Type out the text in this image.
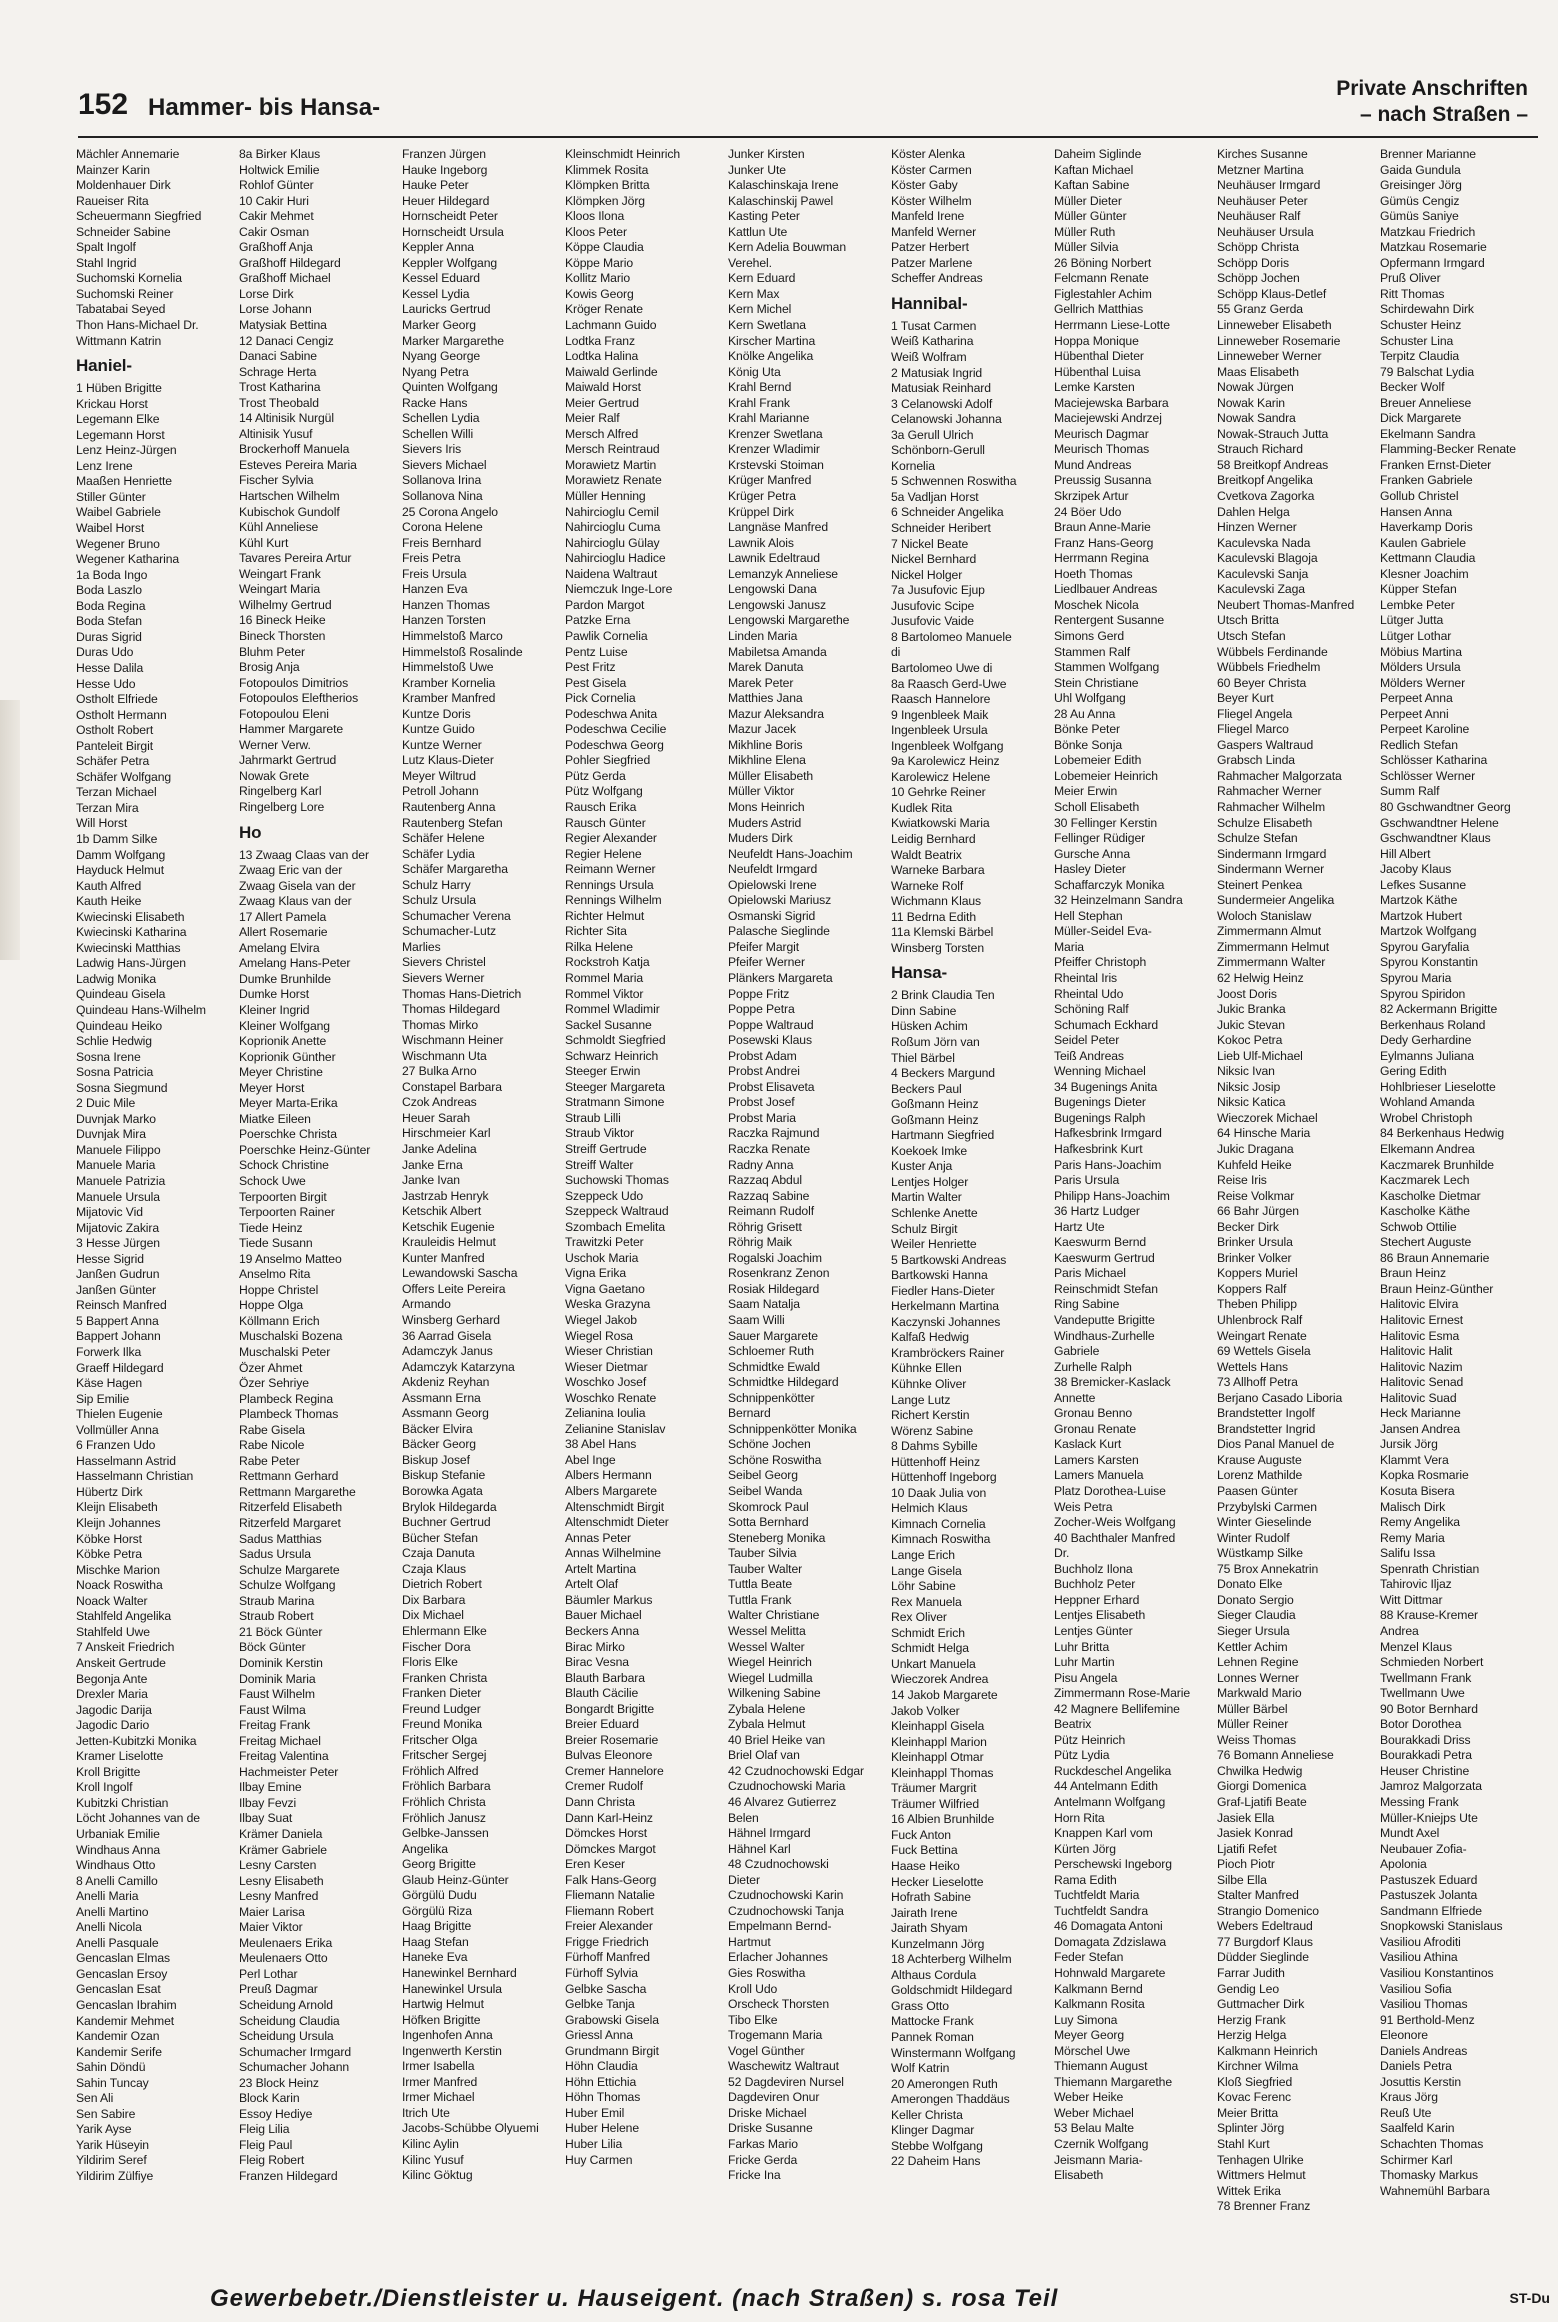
152 Hammer- bis Hansa-
Private Anschriften
– nach Straßen –
Mächler Annemarie
Mainzer Karin
Moldenhauer Dirk
Raueiser Rita
Scheuermann Siegfried
Schneider Sabine
Spalt Ingolf
Stahl Ingrid
Suchomski Kornelia
Suchomski Reiner
Tabatabai Seyed
Thon Hans-Michael Dr.
Wittmann Katrin
Haniel-
1 Hüben Brigitte
Krickau Horst
Legemann Elke
Legemann Horst
Lenz Heinz-Jürgen
Lenz Irene
Maaßen Henriette
Stiller Günter
Waibel Gabriele
Waibel Horst
Wegener Bruno
Wegener Katharina
1a Boda Ingo
Boda Laszlo
Boda Regina
Boda Stefan
Duras Sigrid
Duras Udo
Hesse Dalila
Hesse Udo
Ostholt Elfriede
Ostholt Hermann
Ostholt Robert
Panteleit Birgit
Schäfer Petra
Schäfer Wolfgang
Terzan Michael
Terzan Mira
Will Horst
1b Damm Silke
Damm Wolfgang
Hayduck Helmut
Kauth Alfred
Kauth Heike
Kwiecinski Elisabeth
Kwiecinski Katharina
Kwiecinski Matthias
Ladwig Hans-Jürgen
Ladwig Monika
Quindeau Gisela
Quindeau Hans-Wilhelm
Quindeau Heiko
Schlie Hedwig
Sosna Irene
Sosna Patricia
Sosna Siegmund
2 Duic Mile
Duvnjak Marko
Duvnjak Mira
Manuele Filippo
Manuele Maria
Manuele Patrizia
Manuele Ursula
Mijatovic Vid
Mijatovic Zakira
3 Hesse Jürgen
Hesse Sigrid
Janßen Gudrun
Janßen Günter
Reinsch Manfred
5 Bappert Anna
Bappert Johann
Forwerk Ilka
Graeff Hildegard
Käse Hagen
Sip Emilie
Thielen Eugenie
Vollmüller Anna
6 Franzen Udo
Hasselmann Astrid
Hasselmann Christian
Hübertz Dirk
Kleijn Elisabeth
Kleijn Johannes
Köbke Horst
Köbke Petra
Mischke Marion
Noack Roswitha
Noack Walter
Stahlfeld Angelika
Stahlfeld Uwe
7 Anskeit Friedrich
Anskeit Gertrude
Begonja Ante
Drexler Maria
Jagodic Darija
Jagodic Dario
Jetten-Kubitzki Monika
Kramer Liselotte
Kroll Brigitte
Kroll Ingolf
Kubitzki Christian
Löcht Johannes van de
Urbaniak Emilie
Windhaus Anna
Windhaus Otto
8 Anelli Camillo
Anelli Maria
Anelli Martino
Anelli Nicola
Anelli Pasquale
Gencaslan Elmas
Gencaslan Ersoy
Gencaslan Esat
Gencaslan Ibrahim
Kandemir Mehmet
Kandemir Ozan
Kandemir Serife
Sahin Döndü
Sahin Tuncay
Sen Ali
Sen Sabire
Yarik Ayse
Yarik Hüseyin
Yildirim Seref
Yildirim Zülfiye
8a Birker Klaus
Holtwick Emilie
Rohlof Günter
10 Cakir Huri
Cakir Mehmet
Cakir Osman
Graßhoff Anja
Graßhoff Hildegard
Graßhoff Michael
Lorse Dirk
Lorse Johann
Matysiak Bettina
12 Danaci Cengiz
Danaci Sabine
Schrage Herta
Trost Katharina
Trost Theobald
14 Altinisik Nurgül
Altinisik Yusuf
Brockerhoff Manuela
Esteves Pereira Maria
Fischer Sylvia
Hartschen Wilhelm
Kubischok Gundolf
Kühl Anneliese
Kühl Kurt
Tavares Pereira Artur
Weingart Frank
Weingart Maria
Wilhelmy Gertrud
16 Bineck Heike
Bineck Thorsten
Bluhm Peter
Brosig Anja
Fotopoulos Dimitrios
Fotopoulos Eleftherios
Fotopoulou Eleni
Hammer Margarete
Werner Verw.
Jahrmarkt Gertrud
Nowak Grete
Ringelberg Karl
Ringelberg Lore
Ho
13 Zwaag Claas van der
Zwaag Eric van der
Zwaag Gisela van der
Zwaag Klaus van der
17 Allert Pamela
Allert Rosemarie
Amelang Elvira
Amelang Hans-Peter
Dumke Brunhilde
Dumke Horst
Kleiner Ingrid
Kleiner Wolfgang
Koprionik Anette
Koprionik Günther
Meyer Christine
Meyer Horst
Meyer Marta-Erika
Miatke Eileen
Poerschke Christa
Poerschke Heinz-Günter
Schock Christine
Schock Uwe
Terpoorten Birgit
Terpoorten Rainer
Tiede Heinz
Tiede Susann
19 Anselmo Matteo
Anselmo Rita
Hoppe Christel
Hoppe Olga
Köllmann Erich
Muschalski Bozena
Muschalski Peter
Özer Ahmet
Özer Sehriye
Plambeck Regina
Plambeck Thomas
Rabe Gisela
Rabe Nicole
Rabe Peter
Rettmann Gerhard
Rettmann Margarethe
Ritzerfeld Elisabeth
Ritzerfeld Margaret
Sadus Matthias
Sadus Ursula
Schulze Margarete
Schulze Wolfgang
Straub Marina
Straub Robert
21 Böck Günter
Böck Günter
Dominik Kerstin
Dominik Maria
Faust Wilhelm
Faust Wilma
Freitag Frank
Freitag Michael
Freitag Valentina
Hachmeister Peter
Ilbay Emine
Ilbay Fevzi
Ilbay Suat
Krämer Daniela
Krämer Gabriele
Lesny Carsten
Lesny Elisabeth
Lesny Manfred
Maier Larisa
Maier Viktor
Meulenaers Erika
Meulenaers Otto
Perl Lothar
Preuß Dagmar
Scheidung Arnold
Scheidung Claudia
Scheidung Ursula
Schumacher Irmgard
Schumacher Johann
23 Block Heinz
Block Karin
Essoy Hediye
Fleig Lilia
Fleig Paul
Fleig Robert
Franzen Hildegard
Franzen Jürgen
Hauke Ingeborg
Hauke Peter
Heuer Hildegard
Hornscheidt Peter
Hornscheidt Ursula
Keppler Anna
Keppler Wolfgang
Kessel Eduard
Kessel Lydia
Lauricks Gertrud
Marker Georg
Marker Margarethe
Nyang George
Nyang Petra
Quinten Wolfgang
Racke Hans
Schellen Lydia
Schellen Willi
Sievers Iris
Sievers Michael
Sollanova Irina
Sollanova Nina
25 Corona Angelo
Corona Helene
Freis Bernhard
Freis Petra
Freis Ursula
Hanzen Eva
Hanzen Thomas
Hanzen Torsten
Himmelstoß Marco
Himmelstoß Rosalinde
Himmelstoß Uwe
Kramber Kornelia
Kramber Manfred
Kuntze Doris
Kuntze Guido
Kuntze Werner
Lutz Klaus-Dieter
Meyer Wiltrud
Petroll Johann
Rautenberg Anna
Rautenberg Stefan
Schäfer Helene
Schäfer Lydia
Schäfer Margaretha
Schulz Harry
Schulz Ursula
Schumacher Verena
Schumacher-Lutz
Marlies
Sievers Christel
Sievers Werner
Thomas Hans-Dietrich
Thomas Hildegard
Thomas Mirko
Wischmann Heiner
Wischmann Uta
27 Bulka Arno
Constapel Barbara
Czok Andreas
Heuer Sarah
Hirschmeier Karl
Janke Adelina
Janke Erna
Janke Ivan
Jastrzab Henryk
Ketschik Albert
Ketschik Eugenie
Krauleidis Helmut
Kunter Manfred
Lewandowski Sascha
Offers Leite Pereira
Armando
Winsberg Gerhard
36 Aarrad Gisela
Adamczyk Janus
Adamczyk Katarzyna
Akdeniz Reyhan
Assmann Erna
Assmann Georg
Bäcker Elvira
Bäcker Georg
Biskup Josef
Biskup Stefanie
Borowka Agata
Brylok Hildegarda
Buchner Gertrud
Bücher Stefan
Czaja Danuta
Czaja Klaus
Dietrich Robert
Dix Barbara
Dix Michael
Ehlermann Elke
Fischer Dora
Floris Elke
Franken Christa
Franken Dieter
Freund Ludger
Freund Monika
Fritscher Olga
Fritscher Sergej
Fröhlich Alfred
Fröhlich Barbara
Fröhlich Christa
Fröhlich Janusz
Gelbke-Janssen
Angelika
Georg Brigitte
Glaub Heinz-Günter
Görgülü Dudu
Görgülü Riza
Haag Brigitte
Haag Stefan
Haneke Eva
Hanewinkel Bernhard
Hanewinkel Ursula
Hartwig Helmut
Höfken Brigitte
Ingenhofen Anna
Ingenwerth Kerstin
Irmer Isabella
Irmer Manfred
Irmer Michael
Itrich Ute
Jacobs-Schübbe Olyuemi
Kilinc Aylin
Kilinc Yusuf
Kilinc Göktug
Kleinschmidt Heinrich
Klimmek Rosita
Klömpken Britta
Klömpken Jörg
Kloos Ilona
Kloos Peter
Köppe Claudia
Köppe Mario
Kollitz Mario
Kowis Georg
Kröger Renate
Lachmann Guido
Lodtka Franz
Lodtka Halina
Maiwald Gerlinde
Maiwald Horst
Meier Gertrud
Meier Ralf
Mersch Alfred
Mersch Reintraud
Morawietz Martin
Morawietz Renate
Müller Henning
Nahircioglu Cemil
Nahircioglu Cuma
Nahircioglu Gülay
Nahircioglu Hadice
Naidena Waltraut
Niemczuk Inge-Lore
Pardon Margot
Patzke Erna
Pawlik Cornelia
Pentz Luise
Pest Fritz
Pest Gisela
Pick Cornelia
Podeschwa Anita
Podeschwa Cecilie
Podeschwa Georg
Pohler Siegfried
Pütz Gerda
Pütz Wolfgang
Rausch Erika
Rausch Günter
Regier Alexander
Regier Helene
Reimann Werner
Rennings Ursula
Rennings Wilhelm
Richter Helmut
Richter Sita
Rilka Helene
Rockstroh Katja
Rommel Maria
Rommel Viktor
Rommel Wladimir
Sackel Susanne
Schmoldt Siegfried
Schwarz Heinrich
Steeger Erwin
Steeger Margareta
Stratmann Simone
Straub Lilli
Straub Viktor
Streiff Gertrude
Streiff Walter
Suchowski Thomas
Szeppeck Udo
Szeppeck Waltraud
Szombach Emelita
Trawitzki Peter
Uschok Maria
Vigna Erika
Vigna Gaetano
Weska Grazyna
Wiegel Jakob
Wiegel Rosa
Wieser Christian
Wieser Dietmar
Woschko Josef
Woschko Renate
Zelianina Ioulia
Zelianine Stanislav
38 Abel Hans
Abel Inge
Albers Hermann
Albers Margarete
Altenschmidt Birgit
Altenschmidt Dieter
Annas Peter
Annas Wilhelmine
Artelt Martina
Artelt Olaf
Bäumler Markus
Bauer Michael
Beckers Anna
Birac Mirko
Birac Vesna
Blauth Barbara
Blauth Cäcilie
Bongardt Brigitte
Breier Eduard
Breier Rosemarie
Bulvas Eleonore
Cremer Hannelore
Cremer Rudolf
Dann Christa
Dann Karl-Heinz
Dömckes Horst
Dömckes Margot
Eren Keser
Falk Hans-Georg
Fliemann Natalie
Fliemann Robert
Freier Alexander
Frigge Friedrich
Fürhoff Manfred
Fürhoff Sylvia
Gelbke Sascha
Gelbke Tanja
Grabowski Gisela
Griessl Anna
Grundmann Birgit
Höhn Claudia
Höhn Ettichia
Höhn Thomas
Huber Emil
Huber Helene
Huber Lilia
Huy Carmen
Junker Kirsten
Junker Ute
Kalaschinskaja Irene
Kalaschinskij Pawel
Kasting Peter
Kattlun Ute
Kern Adelia Bouwman
Verehel.
Kern Eduard
Kern Max
Kern Michel
Kern Swetlana
Kirscher Martina
Knölke Angelika
König Uta
Krahl Bernd
Krahl Frank
Krahl Marianne
Krenzer Swetlana
Krenzer Wladimir
Krstevski Stoiman
Krüger Manfred
Krüger Petra
Krüppel Dirk
Langnäse Manfred
Lawnik Alois
Lawnik Edeltraud
Lemanzyk Anneliese
Lengowski Dana
Lengowski Janusz
Lengowski Margarethe
Linden Maria
Mabiletsa Amanda
Marek Danuta
Marek Peter
Matthies Jana
Mazur Aleksandra
Mazur Jacek
Mikhline Boris
Mikhline Elena
Müller Elisabeth
Müller Viktor
Mons Heinrich
Muders Astrid
Muders Dirk
Neufeldt Hans-Joachim
Neufeldt Irmgard
Opielowski Irene
Opielowski Mariusz
Osmanski Sigrid
Palasche Sieglinde
Pfeifer Margit
Pfeifer Werner
Plänkers Margareta
Poppe Fritz
Poppe Petra
Poppe Waltraud
Posewski Klaus
Probst Adam
Probst Andrei
Probst Elisaveta
Probst Josef
Probst Maria
Raczka Rajmund
Raczka Renate
Radny Anna
Razzaq Abdul
Razzaq Sabine
Reimann Rudolf
Röhrig Grisett
Röhrig Maik
Rogalski Joachim
Rosenkranz Zenon
Rosiak Hildegard
Saam Natalja
Saam Willi
Sauer Margarete
Schloemer Ruth
Schmidtke Ewald
Schmidtke Hildegard
Schnippenkötter
Bernard
Schnippenkötter Monika
Schöne Jochen
Schöne Roswitha
Seibel Georg
Seibel Wanda
Skomrock Paul
Sotta Bernhard
Steneberg Monika
Tauber Silvia
Tauber Walter
Tuttla Beate
Tuttla Frank
Walter Christiane
Wessel Melitta
Wessel Walter
Wiegel Heinrich
Wiegel Ludmilla
Wilkening Sabine
Zybala Helene
Zybala Helmut
40 Briel Heike van
Briel Olaf van
42 Czudnochowski Edgar
Czudnochowski Maria
46 Alvarez Gutierrez
Belen
Hähnel Irmgard
Hähnel Karl
48 Czudnochowski
Dieter
Czudnochowski Karin
Czudnochowski Tanja
Empelmann Bernd-
Hartmut
Erlacher Johannes
Gies Roswitha
Kroll Udo
Orscheck Thorsten
Tibo Elke
Trogemann Maria
Vogel Günther
Waschewitz Waltraut
52 Dagdeviren Nursel
Dagdeviren Onur
Driske Michael
Driske Susanne
Farkas Mario
Fricke Gerda
Fricke Ina
Köster Alenka
Köster Carmen
Köster Gaby
Köster Wilhelm
Manfeld Irene
Manfeld Werner
Patzer Herbert
Patzer Marlene
Scheffer Andreas
Hannibal-
1 Tusat Carmen
Weiß Katharina
Weiß Wolfram
2 Matusiak Ingrid
Matusiak Reinhard
3 Celanowski Adolf
Celanowski Johanna
3a Gerull Ulrich
Schönborn-Gerull
Kornelia
5 Schwennen Roswitha
5a Vadljan Horst
6 Schneider Angelika
Schneider Heribert
7 Nickel Beate
Nickel Bernhard
Nickel Holger
7a Jusufovic Ejup
Jusufovic Scipe
Jusufovic Vaide
8 Bartolomeo Manuele
di
Bartolomeo Uwe di
8a Raasch Gerd-Uwe
Raasch Hannelore
9 Ingenbleek Maik
Ingenbleek Ursula
Ingenbleek Wolfgang
9a Karolewicz Heinz
Karolewicz Helene
10 Gehrke Reiner
Kudlek Rita
Kwiatkowski Maria
Leidig Bernhard
Waldt Beatrix
Warneke Barbara
Warneke Rolf
Wichmann Klaus
11 Bedrna Edith
11a Klemski Bärbel
Winsberg Torsten
Hansa-
2 Brink Claudia Ten
Dinn Sabine
Hüsken Achim
Roßum Jörn van
Thiel Bärbel
4 Beckers Margund
Beckers Paul
Goßmann Heinz
Goßmann Heinz
Hartmann Siegfried
Koekoek Imke
Kuster Anja
Lentjes Holger
Martin Walter
Schlenke Anette
Schulz Birgit
Weiler Henriette
5 Bartkowski Andreas
Bartkowski Hanna
Fiedler Hans-Dieter
Herkelmann Martina
Kaczynski Johannes
Kalfaß Hedwig
Krambröckers Rainer
Kühnke Ellen
Kühnke Oliver
Lange Lutz
Richert Kerstin
Wörenz Sabine
8 Dahms Sybille
Hüttenhoff Heinz
Hüttenhoff Ingeborg
10 Daak Julia von
Helmich Klaus
Kimnach Cornelia
Kimnach Roswitha
Lange Erich
Lange Gisela
Löhr Sabine
Rex Manuela
Rex Oliver
Schmidt Erich
Schmidt Helga
Unkart Manuela
Wieczorek Andrea
14 Jakob Margarete
Jakob Volker
Kleinhappl Gisela
Kleinhappl Marion
Kleinhappl Otmar
Kleinhappl Thomas
Träumer Margrit
Träumer Wilfried
16 Albien Brunhilde
Fuck Anton
Fuck Bettina
Haase Heiko
Hecker Lieselotte
Hofrath Sabine
Jairath Irene
Jairath Shyam
Kunzelmann Jörg
18 Achterberg Wilhelm
Althaus Cordula
Goldschmidt Hildegard
Grass Otto
Mattocke Frank
Pannek Roman
Winstermann Wolfgang
Wolf Katrin
20 Amerongen Ruth
Amerongen Thaddäus
Keller Christa
Klinger Dagmar
Stebbe Wolfgang
22 Daheim Hans
Daheim Siglinde
Kaftan Michael
Kaftan Sabine
Müller Dieter
Müller Günter
Müller Ruth
Müller Silvia
26 Böning Norbert
Felcmann Renate
Figlestahler Achim
Gellrich Matthias
Herrmann Liese-Lotte
Hoppa Monique
Hübenthal Dieter
Hübenthal Luisa
Lemke Karsten
Maciejewska Barbara
Maciejewski Andrzej
Meurisch Dagmar
Meurisch Thomas
Mund Andreas
Preussig Susanna
Skrzipek Artur
24 Böer Udo
Braun Anne-Marie
Franz Hans-Georg
Herrmann Regina
Hoeth Thomas
Liedlbauer Andreas
Moschek Nicola
Rentergent Susanne
Simons Gerd
Stammen Ralf
Stammen Wolfgang
Stein Christiane
Uhl Wolfgang
28 Au Anna
Bönke Peter
Bönke Sonja
Lobemeier Edith
Lobemeier Heinrich
Meier Erwin
Scholl Elisabeth
30 Fellinger Kerstin
Fellinger Rüdiger
Gursche Anna
Hasley Dieter
Schaffarczyk Monika
32 Heinzelmann Sandra
Hell Stephan
Müller-Seidel Eva-
Maria
Pfeiffer Christoph
Rheintal Iris
Rheintal Udo
Schöning Ralf
Schumach Eckhard
Seidel Peter
Teiß Andreas
Wenning Michael
34 Bugenings Anita
Bugenings Dieter
Bugenings Ralph
Hafkesbrink Irmgard
Hafkesbrink Kurt
Paris Hans-Joachim
Paris Ursula
Philipp Hans-Joachim
36 Hartz Ludger
Hartz Ute
Kaeswurm Bernd
Kaeswurm Gertrud
Paris Michael
Reinschmidt Stefan
Ring Sabine
Vandeputte Brigitte
Windhaus-Zurhelle
Gabriele
Zurhelle Ralph
38 Bremicker-Kaslack
Annette
Gronau Benno
Gronau Renate
Kaslack Kurt
Lamers Karsten
Lamers Manuela
Platz Dorothea-Luise
Weis Petra
Zocher-Weis Wolfgang
40 Bachthaler Manfred
Dr.
Buchholz Ilona
Buchholz Peter
Heppner Erhard
Lentjes Elisabeth
Lentjes Günter
Luhr Britta
Luhr Martin
Pisu Angela
Zimmermann Rose-Marie
42 Magnere Bellifemine
Beatrix
Pütz Heinrich
Pütz Lydia
Ruckdeschel Angelika
44 Antelmann Edith
Antelmann Wolfgang
Horn Rita
Knappen Karl vom
Kürten Jörg
Perschewski Ingeborg
Rama Edith
Tuchtfeldt Maria
Tuchtfeldt Sandra
46 Domagata Antoni
Domagata Zdzislawa
Feder Stefan
Hohnwald Margarete
Kalkmann Bernd
Kalkmann Rosita
Luy Simona
Meyer Georg
Mörschel Uwe
Thiemann August
Thiemann Margarethe
Weber Heike
Weber Michael
53 Belau Malte
Czernik Wolfgang
Jeismann Maria-
Elisabeth
Kirches Susanne
Metzner Martina
Neuhäuser Irmgard
Neuhäuser Peter
Neuhäuser Ralf
Neuhäuser Ursula
Schöpp Christa
Schöpp Doris
Schöpp Jochen
Schöpp Klaus-Detlef
55 Granz Gerda
Linneweber Elisabeth
Linneweber Rosemarie
Linneweber Werner
Maas Elisabeth
Nowak Jürgen
Nowak Karin
Nowak Sandra
Nowak-Strauch Jutta
Strauch Richard
58 Breitkopf Andreas
Breitkopf Angelika
Cvetkova Zagorka
Dahlen Helga
Hinzen Werner
Kaculevska Nada
Kaculevski Blagoja
Kaculevski Sanja
Kaculevski Zaga
Neubert Thomas-Manfred
Utsch Britta
Utsch Stefan
Wübbels Ferdinande
Wübbels Friedhelm
60 Beyer Christa
Beyer Kurt
Fliegel Angela
Fliegel Marco
Gaspers Waltraud
Grabsch Linda
Rahmacher Malgorzata
Rahmacher Werner
Rahmacher Wilhelm
Schulze Elisabeth
Schulze Stefan
Sindermann Irmgard
Sindermann Werner
Steinert Penkea
Sundermeier Angelika
Woloch Stanislaw
Zimmermann Almut
Zimmermann Helmut
Zimmermann Walter
62 Helwig Heinz
Joost Doris
Jukic Branka
Jukic Stevan
Kokoc Petra
Lieb Ulf-Michael
Niksic Ivan
Niksic Josip
Niksic Katica
Wieczorek Michael
64 Hinsche Maria
Jukic Dragana
Kuhfeld Heike
Reise Iris
Reise Volkmar
66 Bahr Jürgen
Becker Dirk
Brinker Ursula
Brinker Volker
Koppers Muriel
Koppers Ralf
Theben Philipp
Uhlenbrock Ralf
Weingart Renate
69 Wettels Gisela
Wettels Hans
73 Allhoff Petra
Berjano Casado Liboria
Brandstetter Ingolf
Brandstetter Ingrid
Dios Panal Manuel de
Krause Auguste
Lorenz Mathilde
Paasen Günter
Przybylski Carmen
Winter Gieselinde
Winter Rudolf
Wüstkamp Silke
75 Brox Annekatrin
Donato Elke
Donato Sergio
Sieger Claudia
Sieger Ursula
Kettler Achim
Lehnen Regine
Lonnes Werner
Markwald Mario
Müller Bärbel
Müller Reiner
Weiss Thomas
76 Bomann Anneliese
Chwilka Hedwig
Giorgi Domenica
Graf-Ljatifi Beate
Jasiek Ella
Jasiek Konrad
Ljatifi Refet
Pioch Piotr
Silbe Ella
Stalter Manfred
Strangio Domenico
Webers Edeltraud
77 Burgdorf Klaus
Düdder Sieglinde
Farrar Judith
Gendig Leo
Guttmacher Dirk
Herzig Frank
Herzig Helga
Kalkmann Heinrich
Kirchner Wilma
Kloß Siegfried
Kovac Ferenc
Meier Britta
Splinter Jörg
Stahl Kurt
Tenhagen Ulrike
Wittmers Helmut
Wittek Erika
78 Brenner Franz
Brenner Marianne
Gaida Gundula
Greisinger Jörg
Gümüs Cengiz
Gümüs Saniye
Matzkau Friedrich
Matzkau Rosemarie
Opfermann Irmgard
Pruß Oliver
Ritt Thomas
Schirdewahn Dirk
Schuster Heinz
Schuster Lina
Terpitz Claudia
79 Balschat Lydia
Becker Wolf
Breuer Anneliese
Dick Margarete
Ekelmann Sandra
Flamming-Becker Renate
Franken Ernst-Dieter
Franken Gabriele
Gollub Christel
Hansen Anna
Haverkamp Doris
Kaulen Gabriele
Kettmann Claudia
Klesner Joachim
Küpper Stefan
Lembke Peter
Lütger Jutta
Lütger Lothar
Möbius Martina
Mölders Ursula
Mölders Werner
Perpeet Anna
Perpeet Anni
Perpeet Karoline
Redlich Stefan
Schlösser Katharina
Schlösser Werner
Summ Ralf
80 Gschwandtner Georg
Gschwandtner Helene
Gschwandtner Klaus
Hill Albert
Jacoby Klaus
Lefkes Susanne
Martzok Käthe
Martzok Hubert
Martzok Wolfgang
Spyrou Garyfalia
Spyrou Konstantin
Spyrou Maria
Spyrou Spiridon
82 Ackermann Brigitte
Berkenhaus Roland
Dedy Gerhardine
Eylmanns Juliana
Gering Edith
Hohlbrieser Lieselotte
Wohland Amanda
Wrobel Christoph
84 Berkenhaus Hedwig
Elkemann Andrea
Kaczmarek Brunhilde
Kaczmarek Lech
Kascholke Dietmar
Kascholke Käthe
Schwob Ottilie
Stechert Auguste
86 Braun Annemarie
Braun Heinz
Braun Heinz-Günther
Halitovic Elvira
Halitovic Ernest
Halitovic Esma
Halitovic Halit
Halitovic Nazim
Halitovic Senad
Halitovic Suad
Heck Marianne
Jansen Andrea
Jursik Jörg
Klammt Vera
Kopka Rosmarie
Kosuta Bisera
Malisch Dirk
Remy Angelika
Remy Maria
Salifu Issa
Spenrath Christian
Tahirovic Iljaz
Witt Dittmar
88 Krause-Kremer
Andrea
Menzel Klaus
Schmieden Norbert
Twellmann Frank
Twellmann Uwe
90 Botor Bernhard
Botor Dorothea
Bourakkadi Driss
Bourakkadi Petra
Heuser Christine
Jamroz Malgorzata
Messing Frank
Müller-Kniejps Ute
Mundt Axel
Neubauer Zofia-
Apolonia
Pastuszek Eduard
Pastuszek Jolanta
Sandmann Elfriede
Snopkowski Stanislaus
Vasiliou Afroditi
Vasiliou Athina
Vasiliou Konstantinos
Vasiliou Sofia
Vasiliou Thomas
91 Berthold-Menz
Eleonore
Daniels Andreas
Daniels Petra
Josuttis Kerstin
Kraus Jörg
Reuß Ute
Saalfeld Karin
Schachten Thomas
Schirmer Karl
Thomasky Markus
Wahnemühl Barbara
Gewerbebetr./Dienstleister u. Hauseigent. (nach Straßen) s. rosa Teil	ST-Du
